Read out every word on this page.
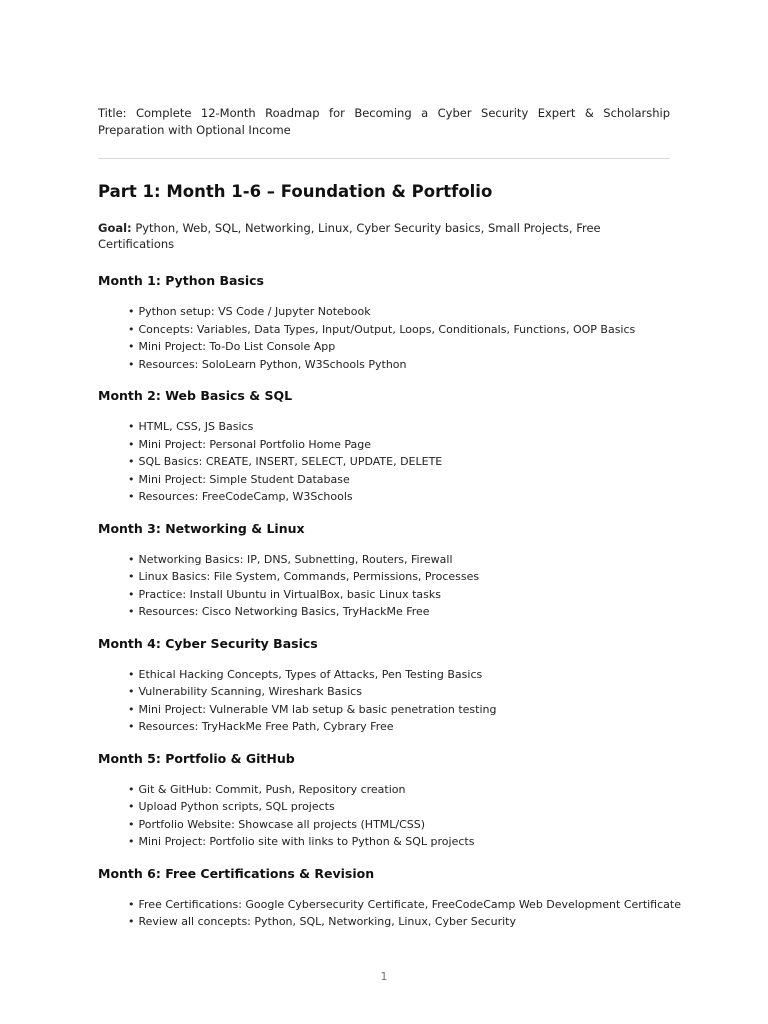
Title: Complete 12-Month Roadmap for Becoming a Cyber Security Expert & Scholarship Preparation with Optional Income

Part 1: Month 1-6 – Foundation & Portfolio

Goal: Python, Web, SQL, Networking, Linux, Cyber Security basics, Small Projects, Free Certifications

Month 1: Python Basics
• Python setup: VS Code / Jupyter Notebook
• Concepts: Variables, Data Types, Input/Output, Loops, Conditionals, Functions, OOP Basics
• Mini Project: To-Do List Console App
• Resources: SoloLearn Python, W3Schools Python
Month 2: Web Basics & SQL
• HTML, CSS, JS Basics
• Mini Project: Personal Portfolio Home Page
• SQL Basics: CREATE, INSERT, SELECT, UPDATE, DELETE
• Mini Project: Simple Student Database
• Resources: FreeCodeCamp, W3Schools
Month 3: Networking & Linux
• Networking Basics: IP, DNS, Subnetting, Routers, Firewall
• Linux Basics: File System, Commands, Permissions, Processes
• Practice: Install Ubuntu in VirtualBox, basic Linux tasks
• Resources: Cisco Networking Basics, TryHackMe Free
Month 4: Cyber Security Basics
• Ethical Hacking Concepts, Types of Attacks, Pen Testing Basics
• Vulnerability Scanning, Wireshark Basics
• Mini Project: Vulnerable VM lab setup & basic penetration testing
• Resources: TryHackMe Free Path, Cybrary Free
Month 5: Portfolio & GitHub
• Git & GitHub: Commit, Push, Repository creation
• Upload Python scripts, SQL projects
• Portfolio Website: Showcase all projects (HTML/CSS)
• Mini Project: Portfolio site with links to Python & SQL projects
Month 6: Free Certifications & Revision
• Free Certifications: Google Cybersecurity Certificate, FreeCodeCamp Web Development Certificate
• Review all concepts: Python, SQL, Networking, Linux, Cyber Security
1
